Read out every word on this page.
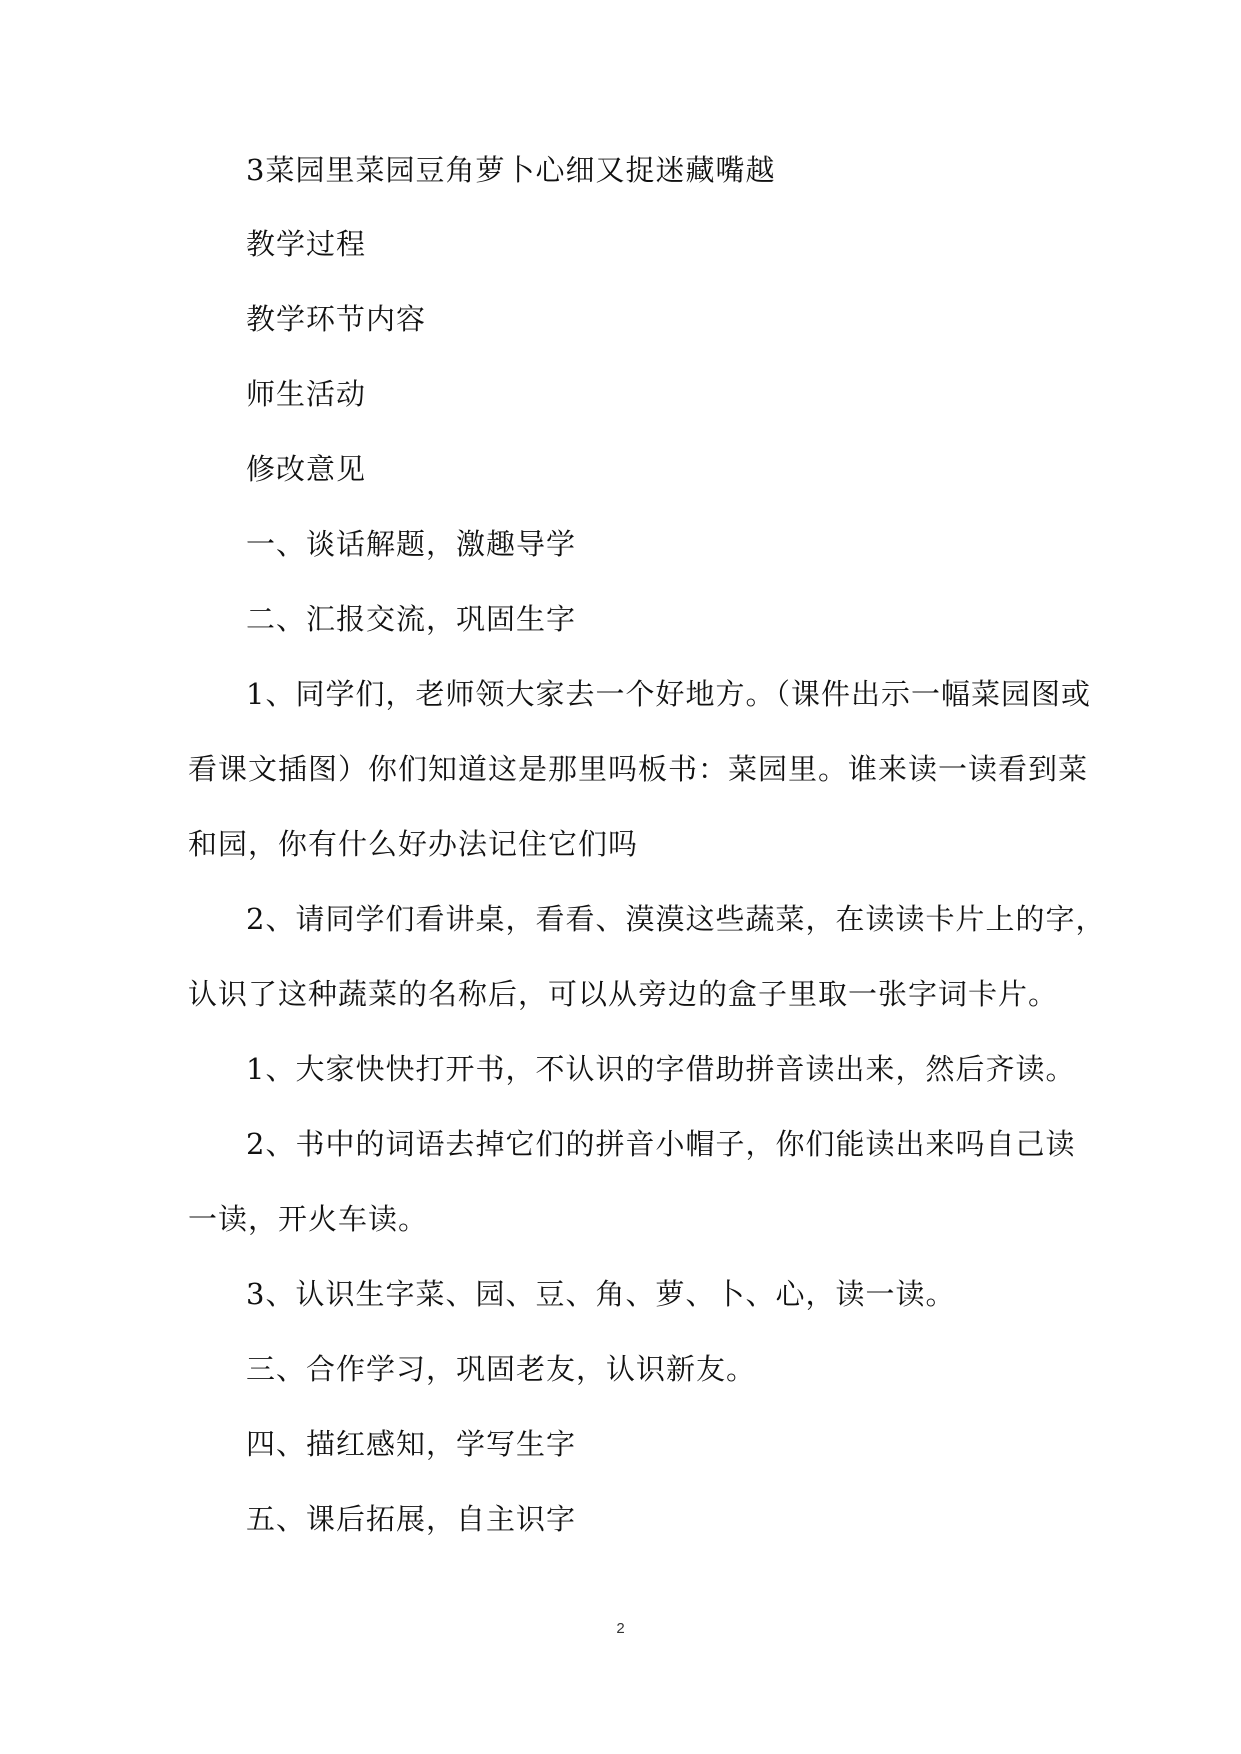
3菜园里菜园豆角萝卜心细又捉迷藏嘴越
教学过程
教学环节内容
师生活动
修改意见
一、谈话解题，激趣导学
二、汇报交流，巩固生字
1、同学们，老师领大家去一个好地方。（课件出示一幅菜园图或
看课文插图）你们知道这是那里吗板书：菜园里。谁来读一读看到菜
和园，你有什么好办法记住它们吗
2、请同学们看讲桌，看看、漠漠这些蔬菜，在读读卡片上的字，
认识了这种蔬菜的名称后，可以从旁边的盒子里取一张字词卡片。
1、大家快快打开书，不认识的字借助拼音读出来，然后齐读。
2、书中的词语去掉它们的拼音小帽子，你们能读出来吗自己读
一读，开火车读。
3、认识生字菜、园、豆、角、萝、卜、心，读一读。
三、合作学习，巩固老友，认识新友。
四、描红感知，学写生字
五、课后拓展，自主识字
2
